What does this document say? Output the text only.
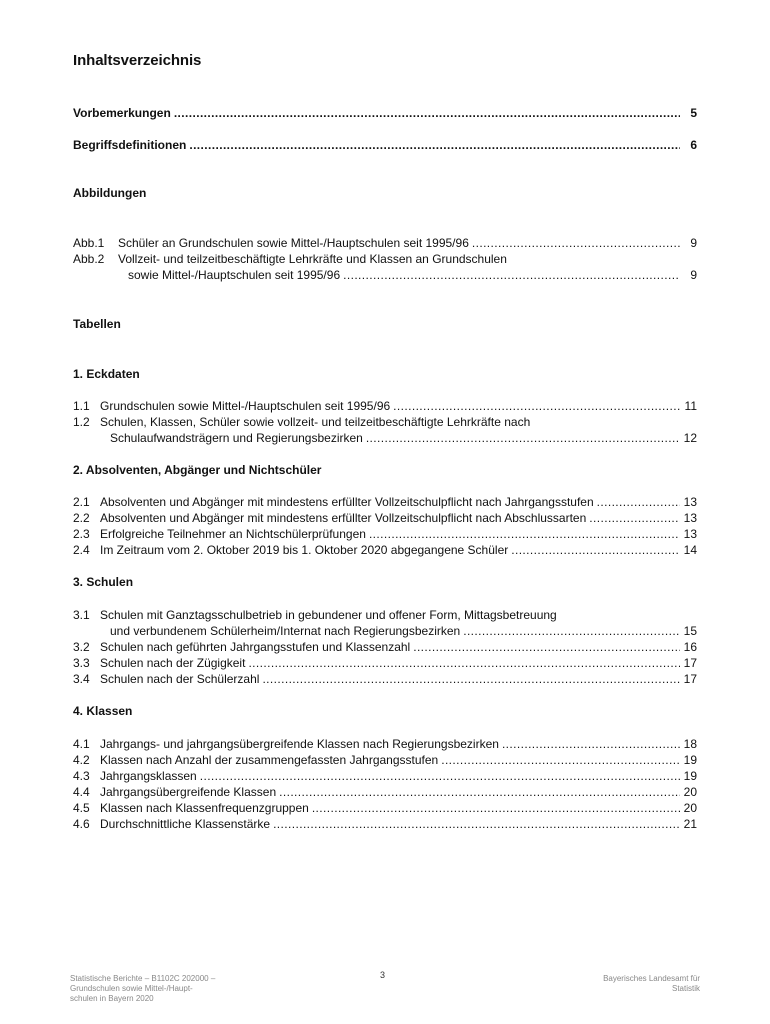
Inhaltsverzeichnis
Vorbemerkungen .....	5
Begriffsdefinitionen .....	6
Abbildungen
Abb.1	Schüler an Grundschulen sowie Mittel-/Hauptschulen seit 1995/96 .....	9
Abb.2	Vollzeit- und teilzeitbeschäftigte Lehrkräfte und Klassen an Grundschulen
sowie Mittel-/Hauptschulen seit 1995/96 .....	9
Tabellen
1. Eckdaten
1.1 Grundschulen sowie Mittel-/Hauptschulen seit 1995/96 .....	11
1.2 Schulen, Klassen, Schüler sowie vollzeit- und teilzeitbeschäftigte Lehrkräfte nach
Schulaufwandsträgern und Regierungsbezirken .....	12
2. Absolventen, Abgänger und Nichtschüler
2.1 Absolventen und Abgänger mit mindestens erfüllter Vollzeitschulpflicht nach Jahrgangsstufen .....	13
2.2 Absolventen und Abgänger mit mindestens erfüllter Vollzeitschulpflicht nach Abschlussarten .....	13
2.3 Erfolgreiche Teilnehmer an Nichtschülerprüfungen .....	13
2.4 Im Zeitraum vom 2. Oktober 2019 bis 1. Oktober 2020 abgegangene Schüler .....	14
3. Schulen
3.1 Schulen mit Ganztagsschulbetrieb in gebundener und offener Form, Mittagsbetreuung
und verbundenem Schülerheim/Internat nach Regierungsbezirken .....	15
3.2 Schulen nach geführten Jahrgangsstufen und Klassenzahl .....	16
3.3 Schulen nach der Zügigkeit .....	17
3.4 Schulen nach der Schülerzahl .....	17
4. Klassen
4.1 Jahrgangs- und jahrgangsübergreifende Klassen nach Regierungsbezirken .....	18
4.2 Klassen nach Anzahl der zusammengefassten Jahrgangsstufen .....	19
4.3 Jahrgangsklassen .....	19
4.4 Jahrgangsübergreifende Klassen .....	20
4.5 Klassen nach Klassenfrequenzgruppen .....	20
4.6 Durchschnittliche Klassenstärke .....	21
Statistische Berichte – B1102C 202000 –
Grundschulen sowie Mittel-/Haupt-
schulen in Bayern 2020
3	Bayerisches Landesamt für
Statistik
